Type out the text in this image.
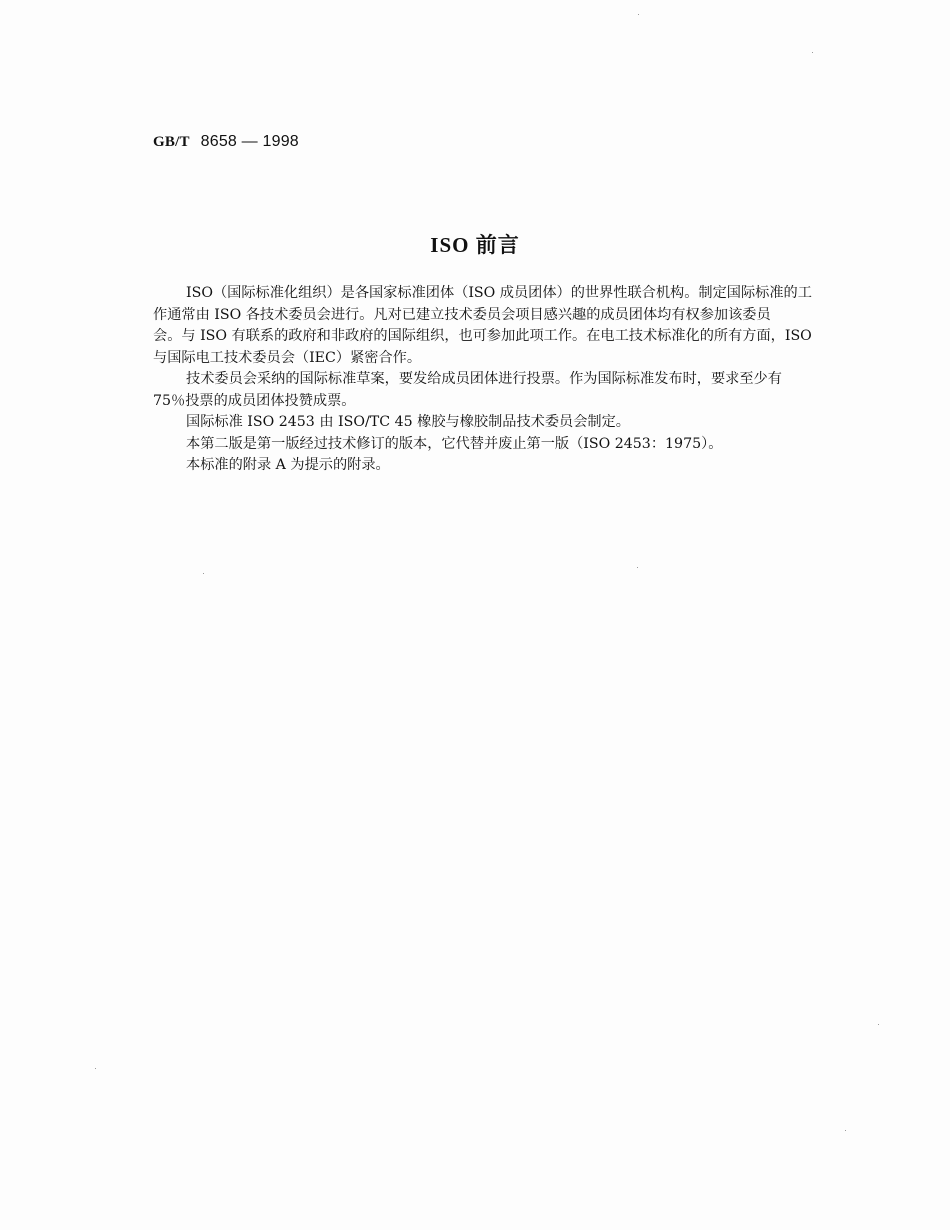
GB/T 8658 — 1998
ISO 前言
ISO（国际标准化组织）是各国家标准团体（ISO 成员团体）的世界性联合机构。制定国际标准的工
作通常由 ISO 各技术委员会进行。凡对已建立技术委员会项目感兴趣的成员团体均有权参加该委员
会。与 ISO 有联系的政府和非政府的国际组织，也可参加此项工作。在电工技术标准化的所有方面，ISO
与国际电工技术委员会（IEC）紧密合作。
技术委员会采纳的国际标准草案，要发给成员团体进行投票。作为国际标准发布时，要求至少有
75％投票的成员团体投赞成票。
国际标准 ISO 2453 由 ISO/TC 45 橡胶与橡胶制品技术委员会制定。
本第二版是第一版经过技术修订的版本，它代替并废止第一版（ISO 2453：1975）。
本标准的附录 A 为提示的附录。
